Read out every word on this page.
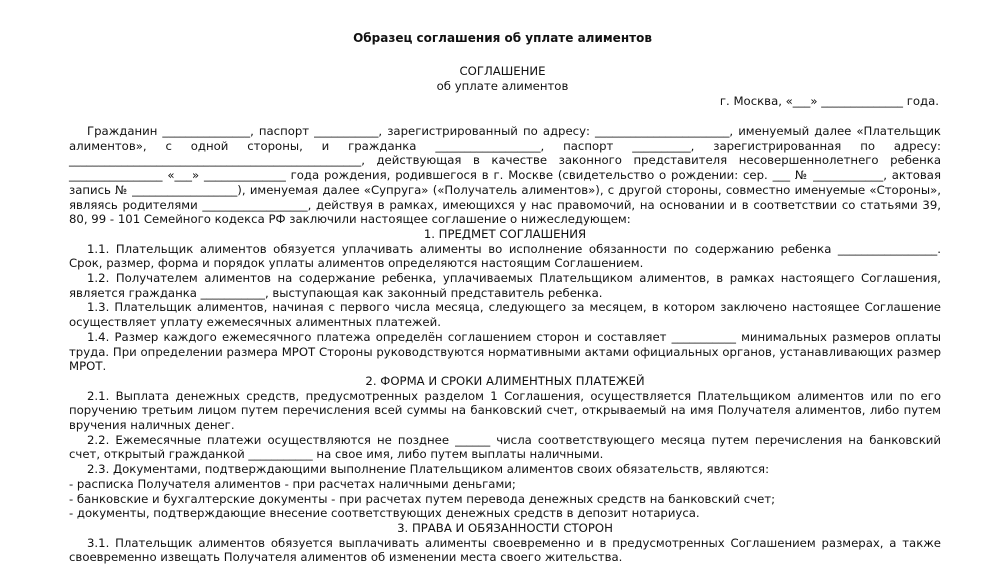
Образец соглашения об уплате алиментов
СОГЛАШЕНИЕ
об уплате алиментов
г. Москва, «___» ______________ года.

Гражданин _______________, паспорт ___________, зарегистрированный по адресу: _______________________, именуемый далее «Плательщик алиментов», с одной стороны, и гражданка __________________, паспорт __________, зарегистрированная по адресу: __________________________________________________, действующая в качестве законного представителя несовершеннолетнего ребенка ________________ «___» ______________ года рождения, родившегося в г. Москве (свидетельство о рождении: сер. ___ № ____________, актовая запись № __________________), именуемая далее «Супруга» («Получатель алиментов»), с другой стороны, совместно именуемые «Стороны», являясь родителями __________________, действуя в рамках, имеющихся у нас правомочий, на основании и в соответствии со статьями 39, 80, 99 - 101 Семейного кодекса РФ заключили настоящее соглашение о нижеследующем:

1. ПРЕДМЕТ СОГЛАШЕНИЯ

1.1. Плательщик алиментов обязуется уплачивать алименты во исполнение обязанности по содержанию ребенка _________________. Срок, размер, форма и порядок уплаты алиментов определяются настоящим Соглашением.

1.2. Получателем алиментов на содержание ребенка, уплачиваемых Плательщиком алиментов, в рамках настоящего Соглашения, является гражданка ___________, выступающая как законный представитель ребенка.

1.3. Плательщик алиментов, начиная с первого числа месяца, следующего за месяцем, в котором заключено настоящее Соглашение осуществляет уплату ежемесячных алиментных платежей.

1.4. Размер каждого ежемесячного платежа определён соглашением сторон и составляет ___________ минимальных размеров оплаты труда. При определении размера МРОТ Стороны руководствуются нормативными актами официальных органов, устанавливающих размер МРОТ.

2. ФОРМА И СРОКИ АЛИМЕНТНЫХ ПЛАТЕЖЕЙ

2.1. Выплата денежных средств, предусмотренных разделом 1 Соглашения, осуществляется Плательщиком алиментов или по его поручению третьим лицом путем перечисления всей суммы на банковский счет, открываемый на имя Получателя алиментов, либо путем вручения наличных денег.

2.2. Ежемесячные платежи осуществляются не позднее ______ числа соответствующего месяца путем перечисления на банковский счет, открытый гражданкой ___________ на свое имя, либо путем выплаты наличными.

2.3. Документами, подтверждающими выполнение Плательщиком алиментов своих обязательств, являются:

- расписка Получателя алиментов - при расчетах наличными деньгами;

- банковские и бухгалтерские документы - при расчетах путем перевода денежных средств на банковский счет;

- документы, подтверждающие внесение соответствующих денежных средств в депозит нотариуса.

3. ПРАВА И ОБЯЗАННОСТИ СТОРОН

3.1. Плательщик алиментов обязуется выплачивать алименты своевременно и в предусмотренных Соглашением размерах, а также своевременно извещать Получателя алиментов об изменении места своего жительства.
